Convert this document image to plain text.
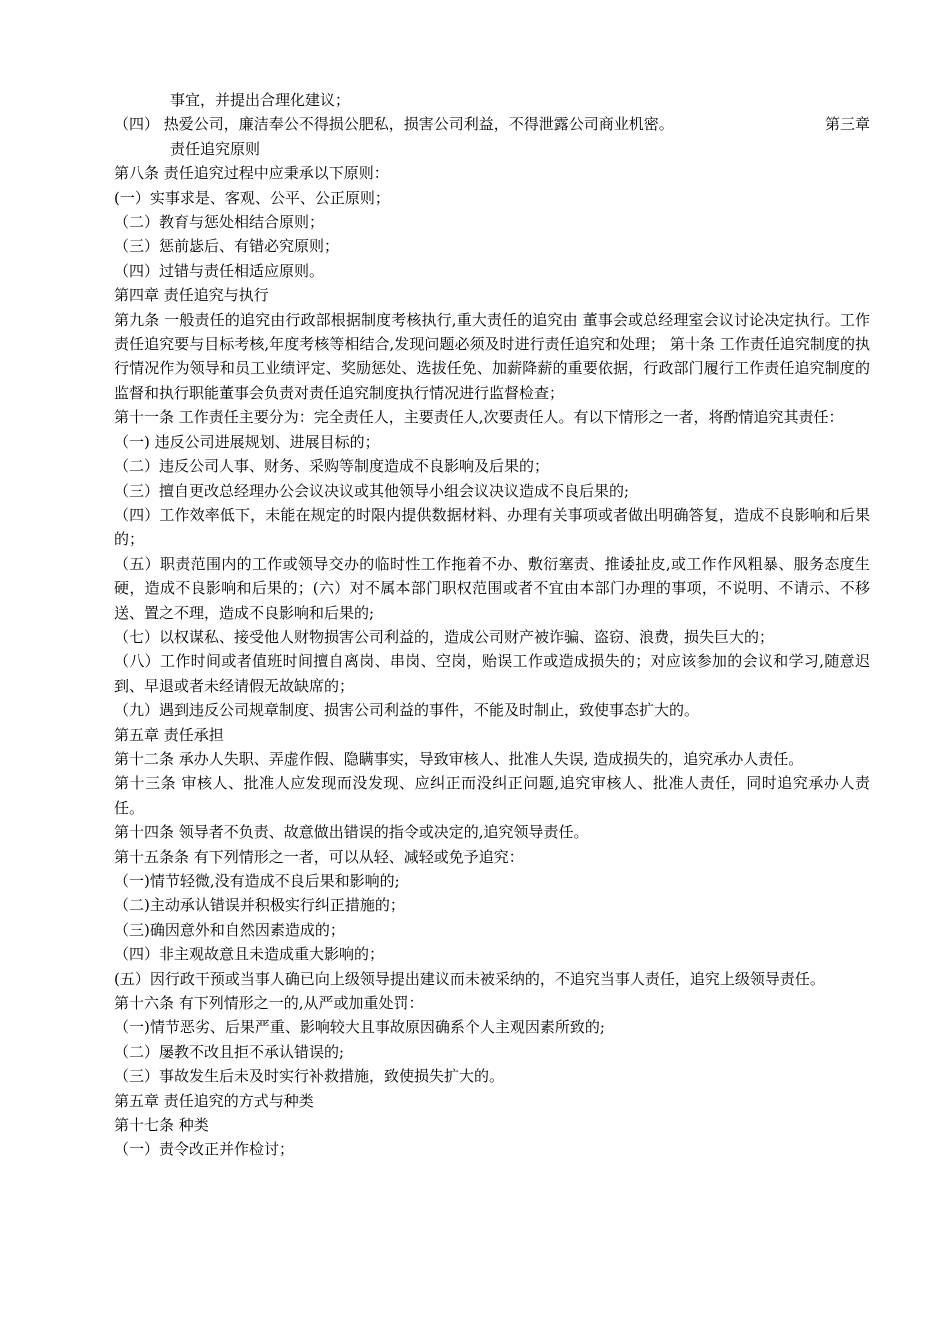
事宜，并提出合理化建议；

（四） 热爱公司，廉洁奉公不得损公肥私，损害公司利益，不得泄露公司商业机密。	第三章

责任追究原则

第八条 责任追究过程中应秉承以下原则：

(一）实事求是、客观、公平、公正原则；

（二）教育与惩处相结合原则；

（三）惩前毖后、有错必究原则；

（四）过错与责任相适应原则。

第四章 责任追究与执行

第九条 一般责任的追究由行政部根据制度考核执行,重大责任的追究由 董事会或总经理室会议讨论决定执行。工作责任追究要与目标考核,年度考核等相结合,发现问题必须及时进行责任追究和处理； 第十条 工作责任追究制度的执行情况作为领导和员工业绩评定、奖励惩处、选拔任免、加薪降薪的重要依据，行政部门履行工作责任追究制度的监督和执行职能董事会负责对责任追究制度执行情况进行监督检查；

第十一条 工作责任主要分为：完全责任人，主要责任人,次要责任人。有以下情形之一者，将酌情追究其责任：

（一) 违反公司进展规划、进展目标的；

（二）违反公司人事、财务、采购等制度造成不良影响及后果的；

（三）擅自更改总经理办公会议决议或其他领导小组会议决议造成不良后果的;

（四）工作效率低下，未能在规定的时限内提供数据材料、办理有关事项或者做出明确答复，造成不良影响和后果的；

（五）职责范围内的工作或领导交办的临时性工作拖着不办、敷衍塞责、推诿扯皮,或工作作风粗暴、服务态度生硬，造成不良影响和后果的；(六）对不属本部门职权范围或者不宜由本部门办理的事项，不说明、不请示、不移送、置之不理，造成不良影响和后果的;

（七）以权谋私、接受他人财物损害公司利益的，造成公司财产被诈骗、盗窃、浪费，损失巨大的；

（八）工作时间或者值班时间擅自离岗、串岗、空岗，贻误工作或造成损失的；对应该参加的会议和学习,随意迟到、早退或者未经请假无故缺席的；

（九）遇到违反公司规章制度、损害公司利益的事件，不能及时制止，致使事态扩大的。

第五章 责任承担

第十二条 承办人失职、弄虚作假、隐瞒事实，导致审核人、批准人失误, 造成损失的，追究承办人责任。

第十三条 审核人、批准人应发现而没发现、应纠正而没纠正问题,追究审核人、批准人责任，同时追究承办人责任。

第十四条 领导者不负责、故意做出错误的指令或决定的,追究领导责任。

第十五条条 有下列情形之一者，可以从轻、减轻或免予追究：

（一)情节轻微,没有造成不良后果和影响的;

（二)主动承认错误并积极实行纠正措施的；

（三)确因意外和自然因素造成的；

（四）非主观故意且未造成重大影响的；

(五）因行政干预或当事人确已向上级领导提出建议而未被采纳的，不追究当事人责任，追究上级领导责任。

第十六条 有下列情形之一的,从严或加重处罚：

（一)情节恶劣、后果严重、影响较大且事故原因确系个人主观因素所致的;

（二）屡教不改且拒不承认错误的;

（三）事故发生后未及时实行补救措施，致使损失扩大的。

第五章 责任追究的方式与种类

第十七条 种类

（一）责令改正并作检讨；
